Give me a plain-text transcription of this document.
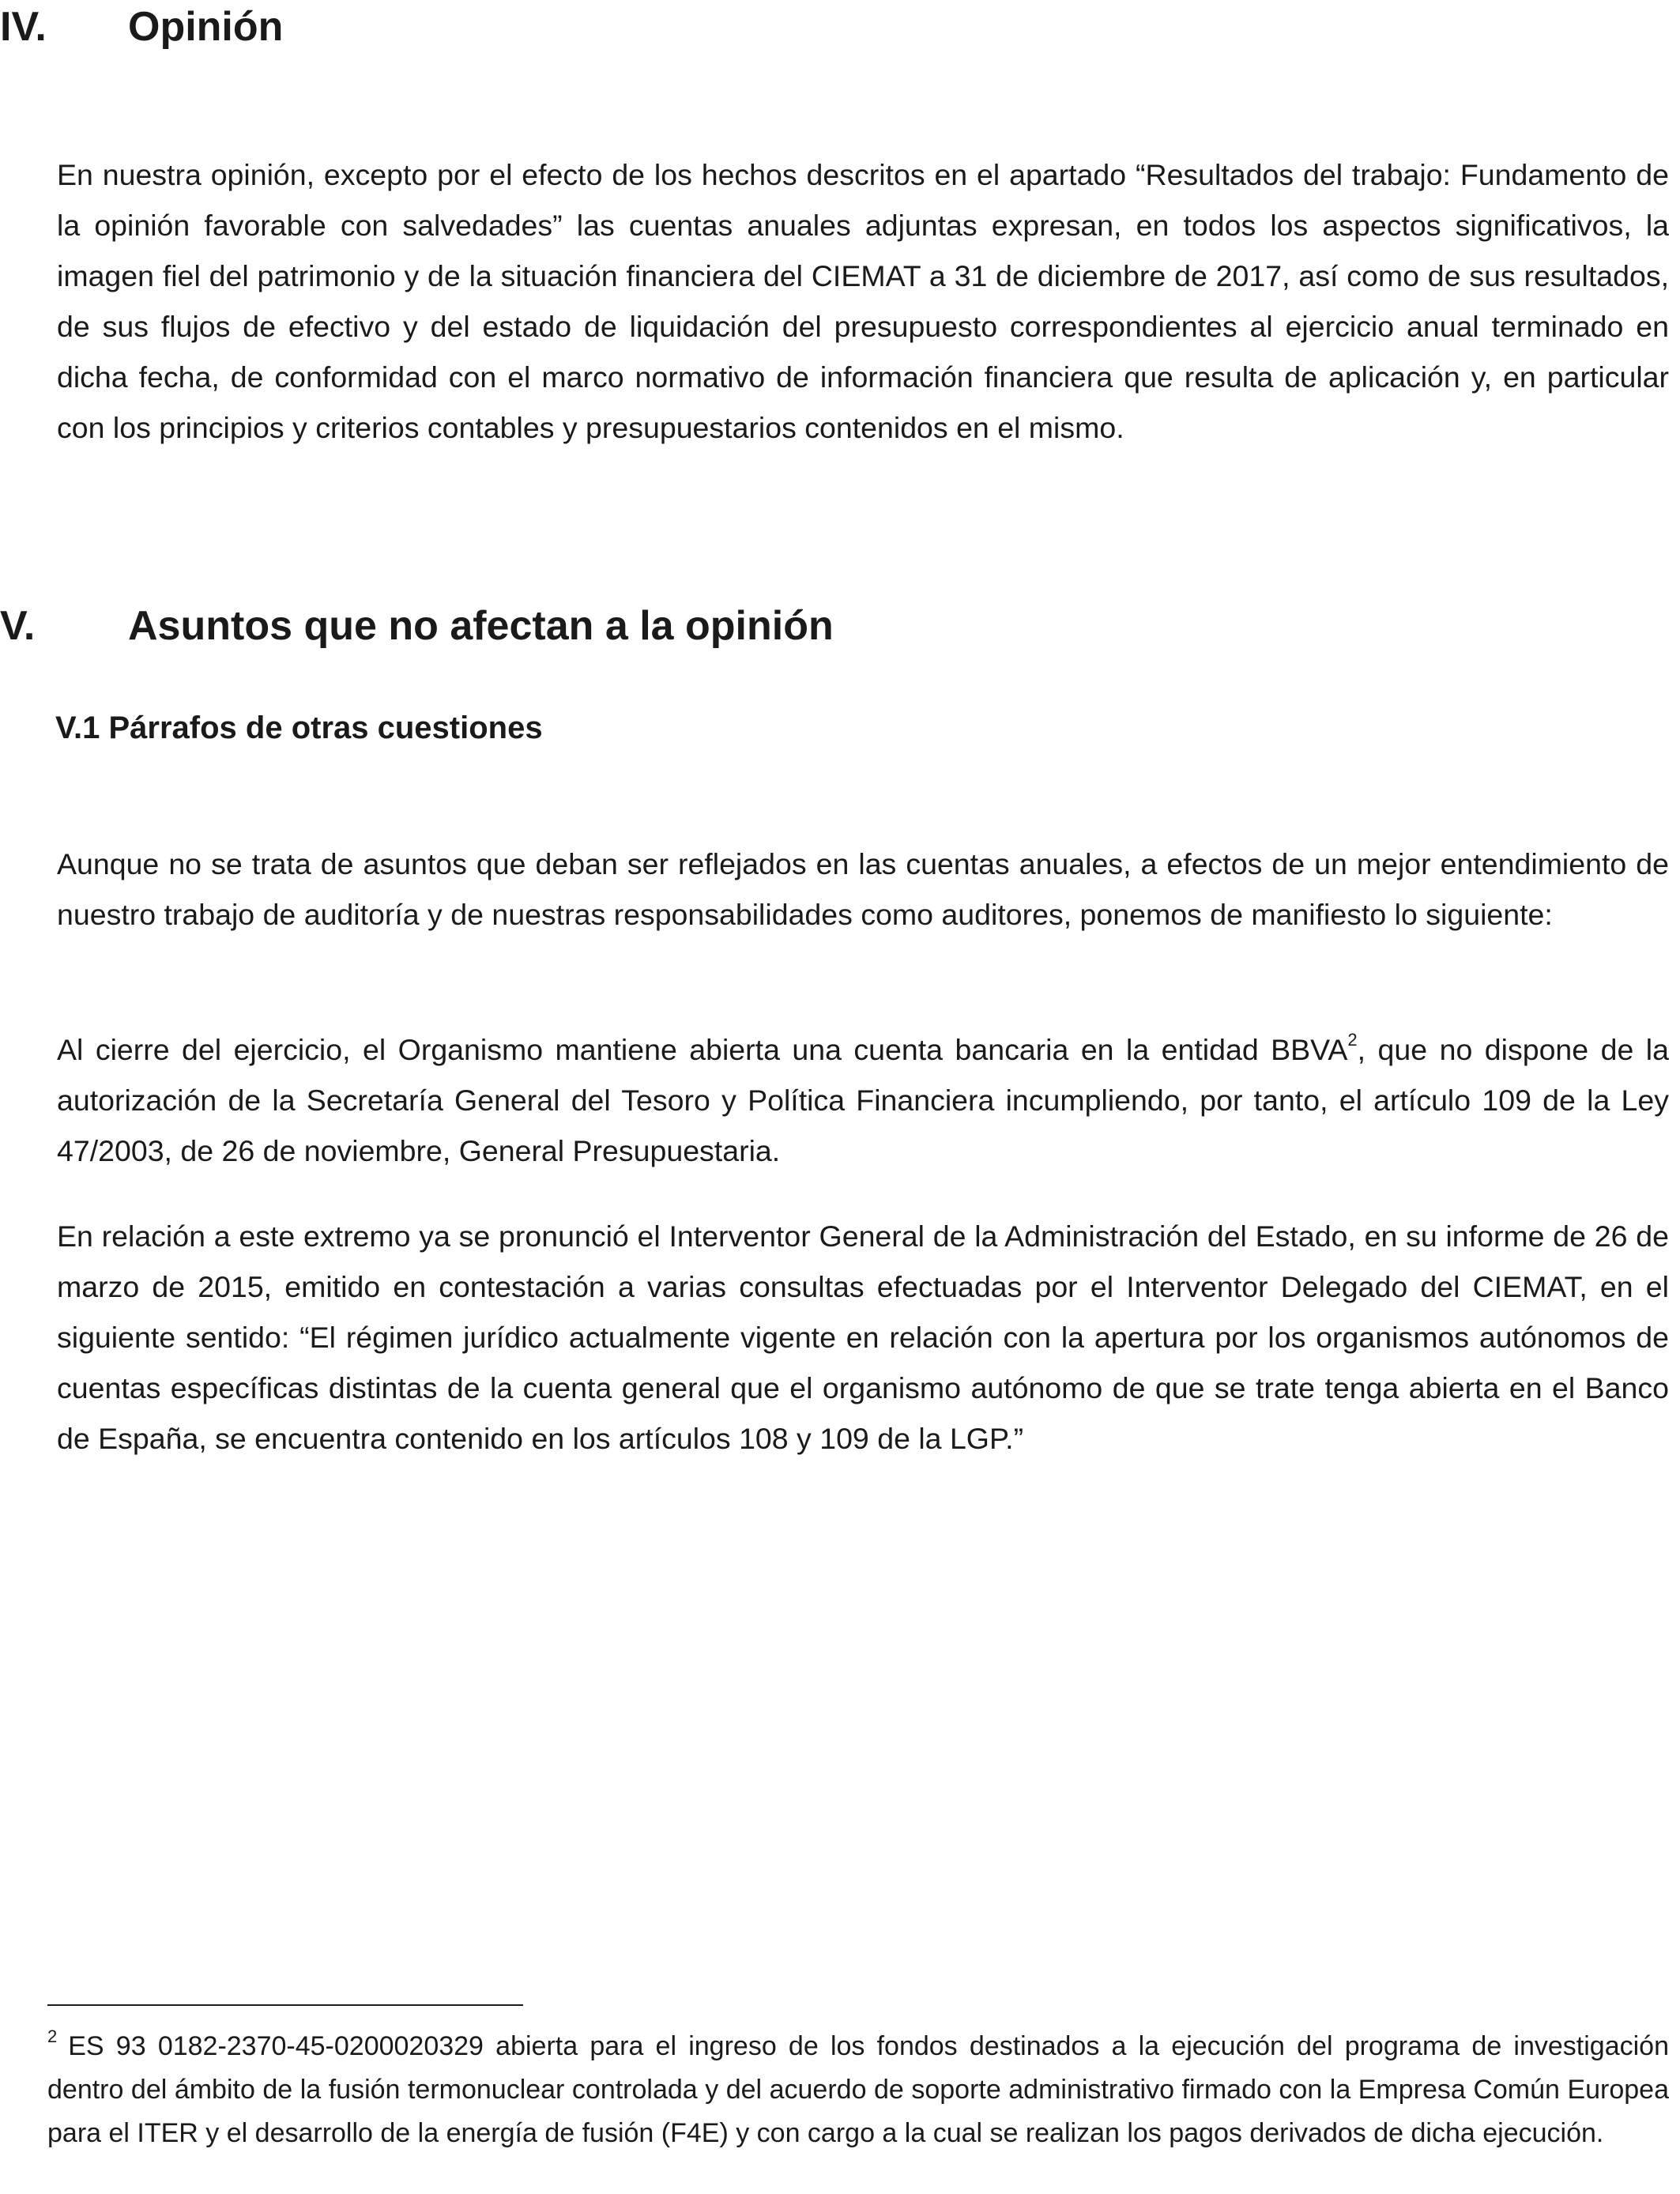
IV. Opinión

En nuestra opinión, excepto por el efecto de los hechos descritos en el apartado “Resultados del trabajo: Fundamento de la opinión favorable con salvedades” las cuentas anuales adjuntas expresan, en todos los aspectos significativos, la imagen fiel del patrimonio y de la situación financiera del CIEMAT a 31 de diciembre de 2017, así como de sus resultados, de sus flujos de efectivo y del estado de liquidación del presupuesto correspondientes al ejercicio anual terminado en dicha fecha, de conformidad con el marco normativo de información financiera que resulta de aplicación y, en particular con los principios y criterios contables y presupuestarios contenidos en el mismo.

V. Asuntos que no afectan a la opinión
V.1 Párrafos de otras cuestiones

Aunque no se trata de asuntos que deban ser reflejados en las cuentas anuales, a efectos de un mejor entendimiento de nuestro trabajo de auditoría y de nuestras responsabilidades como auditores, ponemos de manifiesto lo siguiente:

Al cierre del ejercicio, el Organismo mantiene abierta una cuenta bancaria en la entidad BBVA$^2$, que no dispone de la autorización de la Secretaría General del Tesoro y Política Financiera incumpliendo, por tanto, el artículo 109 de la Ley 47/2003, de 26 de noviembre, General Presupuestaria.

En relación a este extremo ya se pronunció el Interventor General de la Administración del Estado, en su informe de 26 de marzo de 2015, emitido en contestación a varias consultas efectuadas por el Interventor Delegado del CIEMAT, en el siguiente sentido: “El régimen jurídico actualmente vigente en relación con la apertura por los organismos autónomos de cuentas específicas distintas de la cuenta general que el organismo autónomo de que se trate tenga abierta en el Banco de España, se encuentra contenido en los artículos 108 y 109 de la LGP.”

$^2$ ES 93 0182-2370-45-0200020329 abierta para el ingreso de los fondos destinados a la ejecución del programa de investigación dentro del ámbito de la fusión termonuclear controlada y del acuerdo de soporte administrativo firmado con la Empresa Común Europea para el ITER y el desarrollo de la energía de fusión (F4E) y con cargo a la cual se realizan los pagos derivados de dicha ejecución.
